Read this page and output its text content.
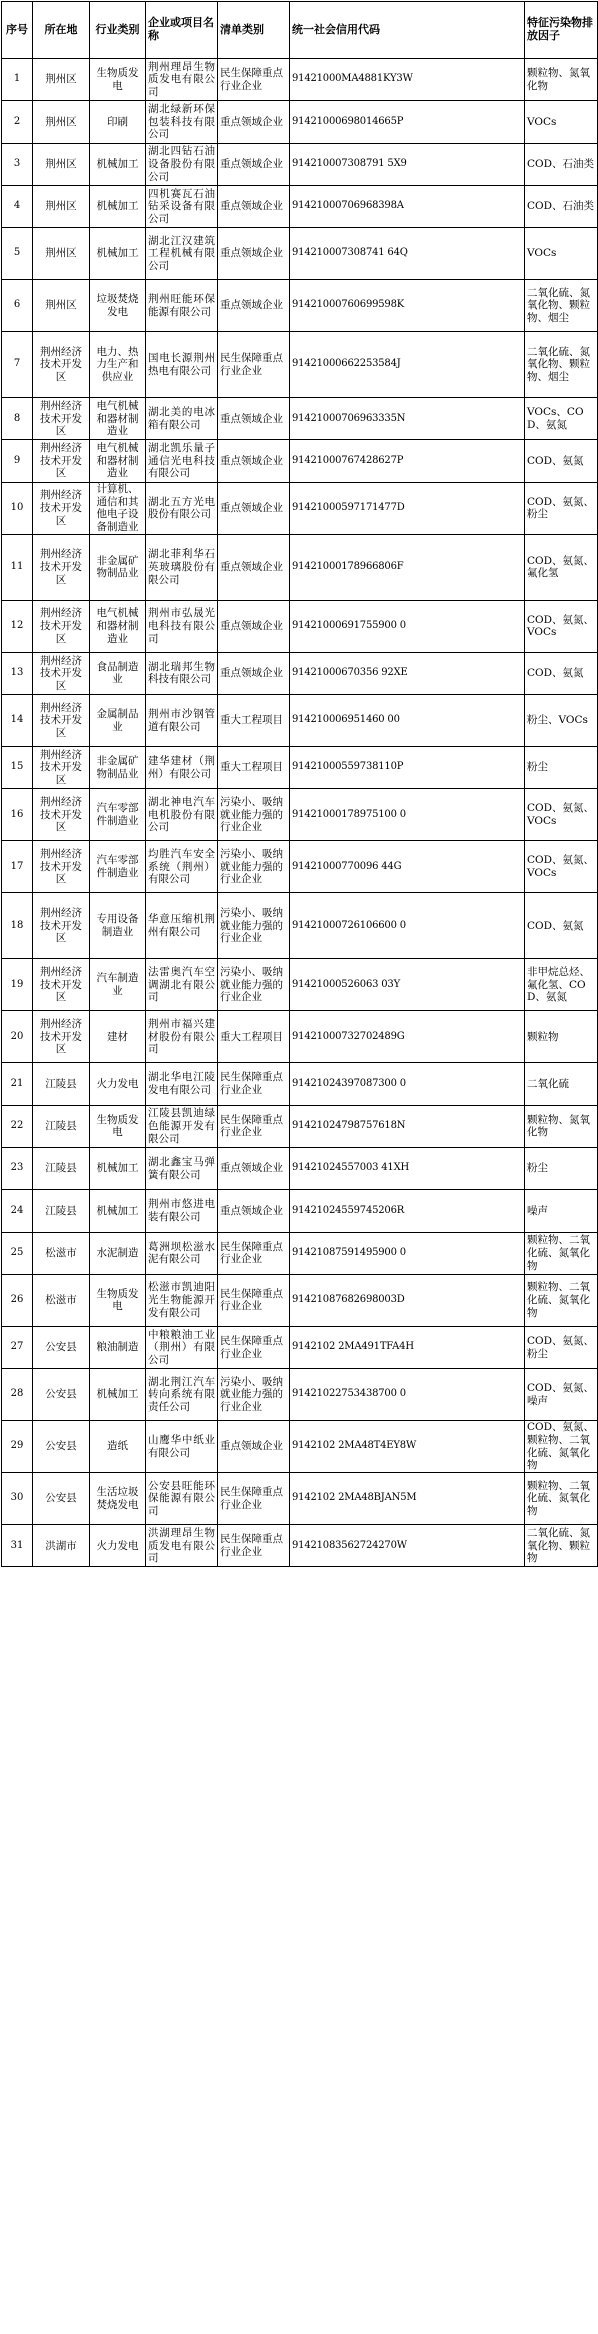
序号	所在地	行业类别	企业或项目名称	清单类别	统一社会信用代码	特征污染物排放因子
1	荆州区	生物质发电	荆州理昂生物质发电有限公司	民生保障重点行业企业	91421000MA4881KY3W	颗粒物、氮氧化物
2	荆州区	印刷	湖北绿新环保包装科技有限公司	重点领域企业	91421000698014665P	VOCs
3	荆州区	机械加工	湖北四钻石油设备股份有限公司	重点领域企业	914210007308791 5X9	COD、石油类
4	荆州区	机械加工	四机赛瓦石油钻采设备有限公司	重点领域企业	91421000706968398A	COD、石油类
5	荆州区	机械加工	湖北江汉建筑工程机械有限公司	重点领域企业	914210007308741 64Q	VOCs
6	荆州区	垃圾焚烧发电	荆州旺能环保能源有限公司	重点领域企业	91421000760699598K	二氧化硫、氮氧化物、颗粒物、烟尘
7	荆州经济技术开发区	电力、热力生产和供应业	国电长源荆州热电有限公司	民生保障重点行业企业	91421000662253584J	二氧化硫、氮氧化物、颗粒物、烟尘
8	荆州经济技术开发区	电气机械和器材制造业	湖北美的电冰箱有限公司	重点领域企业	91421000706963335N	VOCs、COD、氨氮
9	荆州经济技术开发区	电气机械和器材制造业	湖北凯乐量子通信光电科技有限公司	重点领域企业	91421000767428627P	COD、氨氮
10	荆州经济技术开发区	计算机、通信和其他电子设备制造业	湖北五方光电股份有限公司	重点领域企业	91421000597171477D	COD、氨氮、粉尘
11	荆州经济技术开发区	非金属矿物制品业	湖北菲利华石英玻璃股份有限公司	重点领域企业	91421000178966806F	COD、氨氮、氟化氢
12	荆州经济技术开发区	电气机械和器材制造业	荆州市弘晟光电科技有限公司	重点领域企业	91421000691755900 0	COD、氨氮、VOCs
13	荆州经济技术开发区	食品制造业	湖北瑞邦生物科技有限公司	重点领域企业	91421000670356 92XE	COD、氨氮
14	荆州经济技术开发区	金属制品业	荆州市沙钢管道有限公司	重大工程项目	914210006951460 00	粉尘、VOCs
15	荆州经济技术开发区	非金属矿物制品业	建华建材（荆州）有限公司	重大工程项目	91421000559738110P	粉尘
16	荆州经济技术开发区	汽车零部件制造业	湖北神电汽车电机股份有限公司	污染小、吸纳就业能力强的行业企业	91421000178975100 0	COD、氨氮、VOCs
17	荆州经济技术开发区	汽车零部件制造业	均胜汽车安全系统（荆州）有限公司	污染小、吸纳就业能力强的行业企业	91421000770096 44G	COD、氨氮、VOCs
18	荆州经济技术开发区	专用设备制造业	华意压缩机荆州有限公司	污染小、吸纳就业能力强的行业企业	91421000726106600 0	COD、氨氮
19	荆州经济技术开发区	汽车制造业	法雷奥汽车空调湖北有限公司	污染小、吸纳就业能力强的行业企业	91421000526063 03Y	非甲烷总烃、氟化氢、COD、氨氮
20	荆州经济技术开发区	建材	荆州市福兴建材股份有限公司	重大工程项目	91421000732702489G	颗粒物
21	江陵县	火力发电	湖北华电江陵发电有限公司	民生保障重点行业企业	91421024397087300 0	二氧化硫
22	江陵县	生物质发电	江陵县凯迪绿色能源开发有限公司	民生保障重点行业企业	91421024798757618N	颗粒物、氮氧化物
23	江陵县	机械加工	湖北鑫宝马弹簧有限公司	重点领域企业	91421024557003 41XH	粉尘
24	江陵县	机械加工	荆州市悠进电装有限公司	重点领域企业	91421024559745206R	噪声
25	松滋市	水泥制造	葛洲坝松滋水泥有限公司	民生保障重点行业企业	91421087591495900 0	颗粒物、二氧化硫、氮氧化物
26	松滋市	生物质发电	松滋市凯迪阳光生物能源开发有限公司	民生保障重点行业企业	91421087682698003D	颗粒物、二氧化硫、氮氧化物
27	公安县	粮油制造	中粮粮油工业（荆州）有限公司	民生保障重点行业企业	9142102 2MA491TFA4H	COD、氨氮、粉尘
28	公安县	机械加工	湖北荆江汽车转向系统有限责任公司	污染小、吸纳就业能力强的行业企业	91421022753438700 0	COD、氨氮、噪声
29	公安县	造纸	山鹰华中纸业有限公司	重点领域企业	9142102 2MA48T4EY8W	COD、氨氮、颗粒物、二氧化硫、氮氧化物
30	公安县	生活垃圾焚烧发电	公安县旺能环保能源有限公司	民生保障重点行业企业	9142102 2MA48BJAN5M	颗粒物、二氧化硫、氮氧化物
31	洪湖市	火力发电	洪湖理昂生物质发电有限公司	民生保障重点行业企业	91421083562724270W	二氧化硫、氮氧化物、颗粒物
